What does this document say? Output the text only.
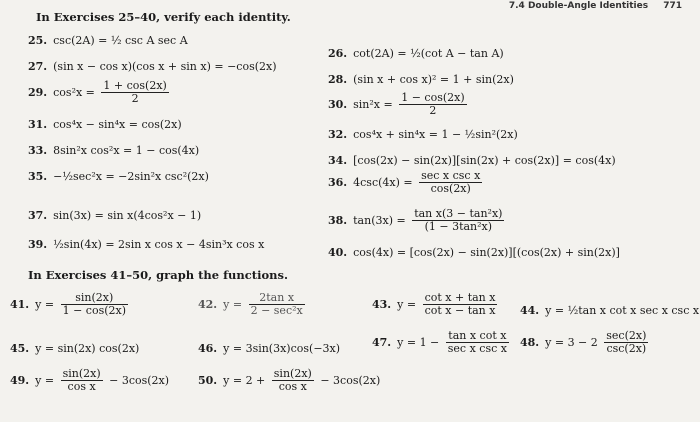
7.4 Double-Angle Identities 771
In Exercises 25–40, verify each identity.
25. csc(2A) = ½ csc A sec A
27. (sin x − cos x)(cos x + sin x) = −cos(2x)
29. $\cos^2x = \frac{1 + \cos(2x)}{2}$
31. cos⁴x − sin⁴x = cos(2x)
33. 8sin²x cos²x = 1 − cos(4x)
35. −½sec²x = −2sin²x csc²(2x)
37. sin(3x) = sin x(4cos²x − 1)
39. ½sin(4x) = 2sin x cos x − 4sin³x cos x
26. cot(2A) = ½(cot A − tan A)
28. (sin x + cos x)² = 1 + sin(2x)
30. $\sin^2x = \frac{1 - \cos(2x)}{2}$
32. cos⁴x + sin⁴x = 1 − ½sin²(2x)
34. [cos(2x) − sin(2x)][sin(2x) + cos(2x)] = cos(4x)
36. $4\csc(4x) = \frac{\text{sec x csc x}}{\cos(2x)}$
38. $\tan(3x) = \frac{\text{tan x(3 − tan²x)}}{\text{(1 − 3tan²x)}}$
40. cos(4x) = [cos(2x) − sin(2x)][(cos(2x) + sin(2x)]
In Exercises 41–50, graph the functions.
41. $y = \frac{\sin(2x)}{1 - \cos(2x)}$	42. $y = \frac{\text{2tan x}}{\text{2 − sec²x}}$	43. $y = \frac{\text{cot x + tan x}}{\text{cot x − tan x}} 44$. y = ½tan x cot x sec x csc x
45. y = sin(2x) cos(2x)	46. y = 3sin(3x)cos(−3x)	47. $y = 1 - \frac{\text{tan x cot x}}{\text{sec x csc x}} 48$. $y = 3 - 2 \frac{\sec(2x)}{\csc(2x)}$
49. $y = \frac{\sin(2x)}{\text{cos x}} - 3\cos(2x)$	50. $y = 2 + \frac{\sin(2x)}{\text{cos x}} - 3\cos(2x)$
